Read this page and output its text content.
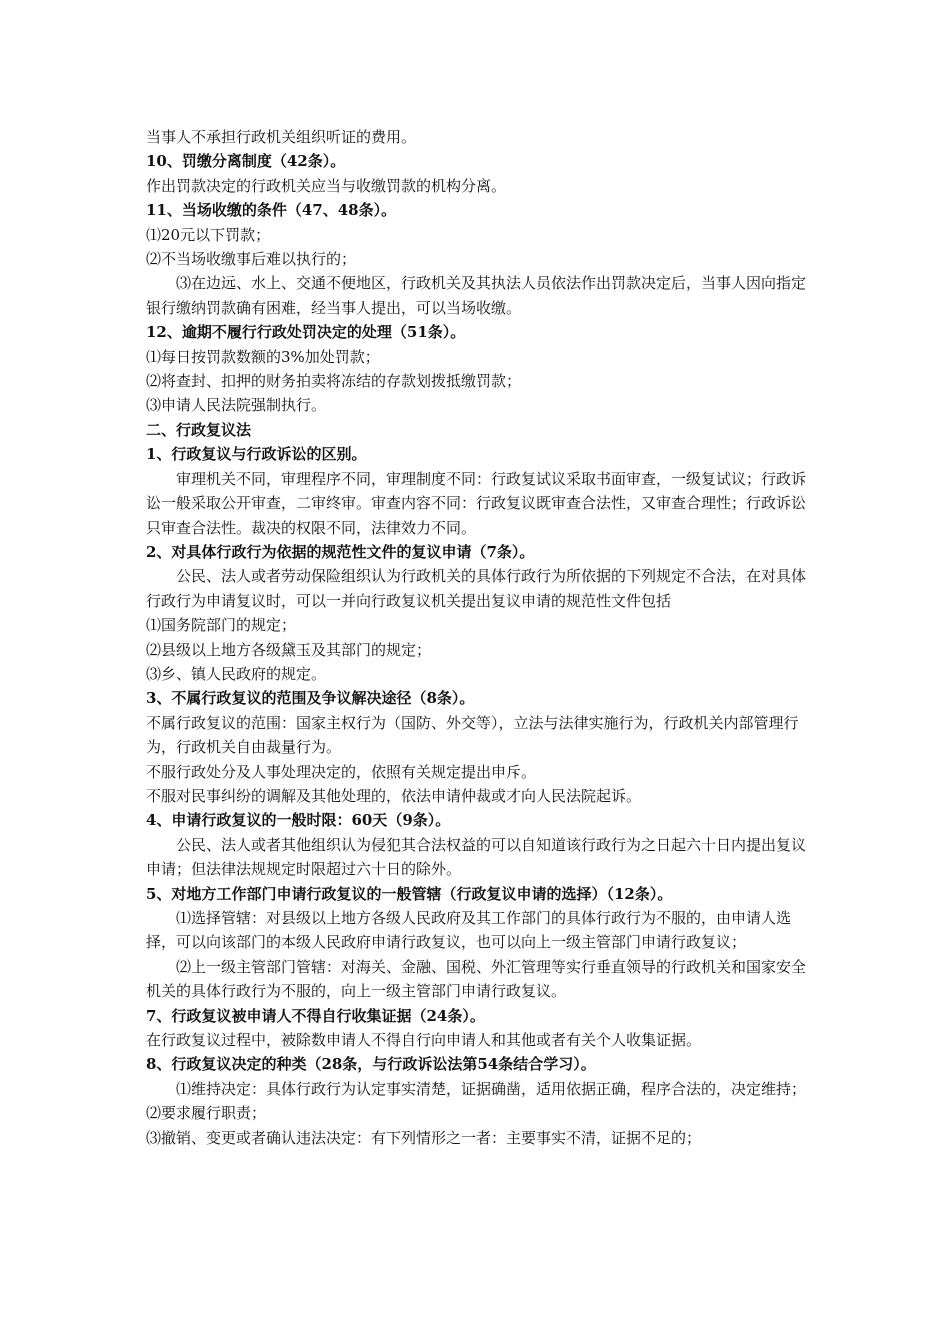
当事人不承担行政机关组织听证的费用。

10、罚缴分离制度（42条）。

作出罚款决定的行政机关应当与收缴罚款的机构分离。

11、当场收缴的条件（47、48条）。

⑴20元以下罚款；

⑵不当场收缴事后难以执行的；

⑶在边远、水上、交通不便地区，行政机关及其执法人员依法作出罚款决定后，当事人因向指定银行缴纳罚款确有困难，经当事人提出，可以当场收缴。

12、逾期不履行行政处罚决定的处理（51条）。

⑴每日按罚款数额的3%加处罚款；

⑵将查封、扣押的财务拍卖将冻结的存款划拨抵缴罚款；

⑶申请人民法院强制执行。

二、行政复议法

1、行政复议与行政诉讼的区别。

审理机关不同，审理程序不同，审理制度不同：行政复试议采取书面审查，一级复试议；行政诉讼一般采取公开审查，二审终审。审查内容不同：行政复议既审查合法性，又审查合理性；行政诉讼只审查合法性。裁决的权限不同，法律效力不同。

2、对具体行政行为依据的规范性文件的复议申请（7条）。

公民、法人或者劳动保险组织认为行政机关的具体行政行为所依据的下列规定不合法，在对具体行政行为申请复议时，可以一并向行政复议机关提出复议申请的规范性文件包括

⑴国务院部门的规定；

⑵县级以上地方各级黛玉及其部门的规定；

⑶乡、镇人民政府的规定。

3、不属行政复议的范围及争议解决途径（8条）。

不属行政复议的范围：国家主权行为（国防、外交等），立法与法律实施行为，行政机关内部管理行为，行政机关自由裁量行为。

不服行政处分及人事处理决定的，依照有关规定提出申斥。

不服对民事纠纷的调解及其他处理的，依法申请仲裁或才向人民法院起诉。

4、申请行政复议的一般时限：60天（9条）。

公民、法人或者其他组织认为侵犯其合法权益的可以自知道该行政行为之日起六十日内提出复议申请；但法律法规规定时限超过六十日的除外。

5、对地方工作部门申请行政复议的一般管辖（行政复议申请的选择）（12条）。

⑴选择管辖：对县级以上地方各级人民政府及其工作部门的具体行政行为不服的，由申请人选择，可以向该部门的本级人民政府申请行政复议，也可以向上一级主管部门申请行政复议；

⑵上一级主管部门管辖：对海关、金融、国税、外汇管理等实行垂直领导的行政机关和国家安全机关的具体行政行为不服的，向上一级主管部门申请行政复议。

7、行政复议被申请人不得自行收集证据（24条）。

在行政复议过程中，被除数申请人不得自行向申请人和其他或者有关个人收集证据。

8、行政复议决定的种类（28条，与行政诉讼法第54条结合学习）。

⑴维持决定：具体行政行为认定事实清楚，证据确凿，适用依据正确，程序合法的，决定维持；

⑵要求履行职责；

⑶撤销、变更或者确认违法决定：有下列情形之一者：主要事实不清，证据不足的；
